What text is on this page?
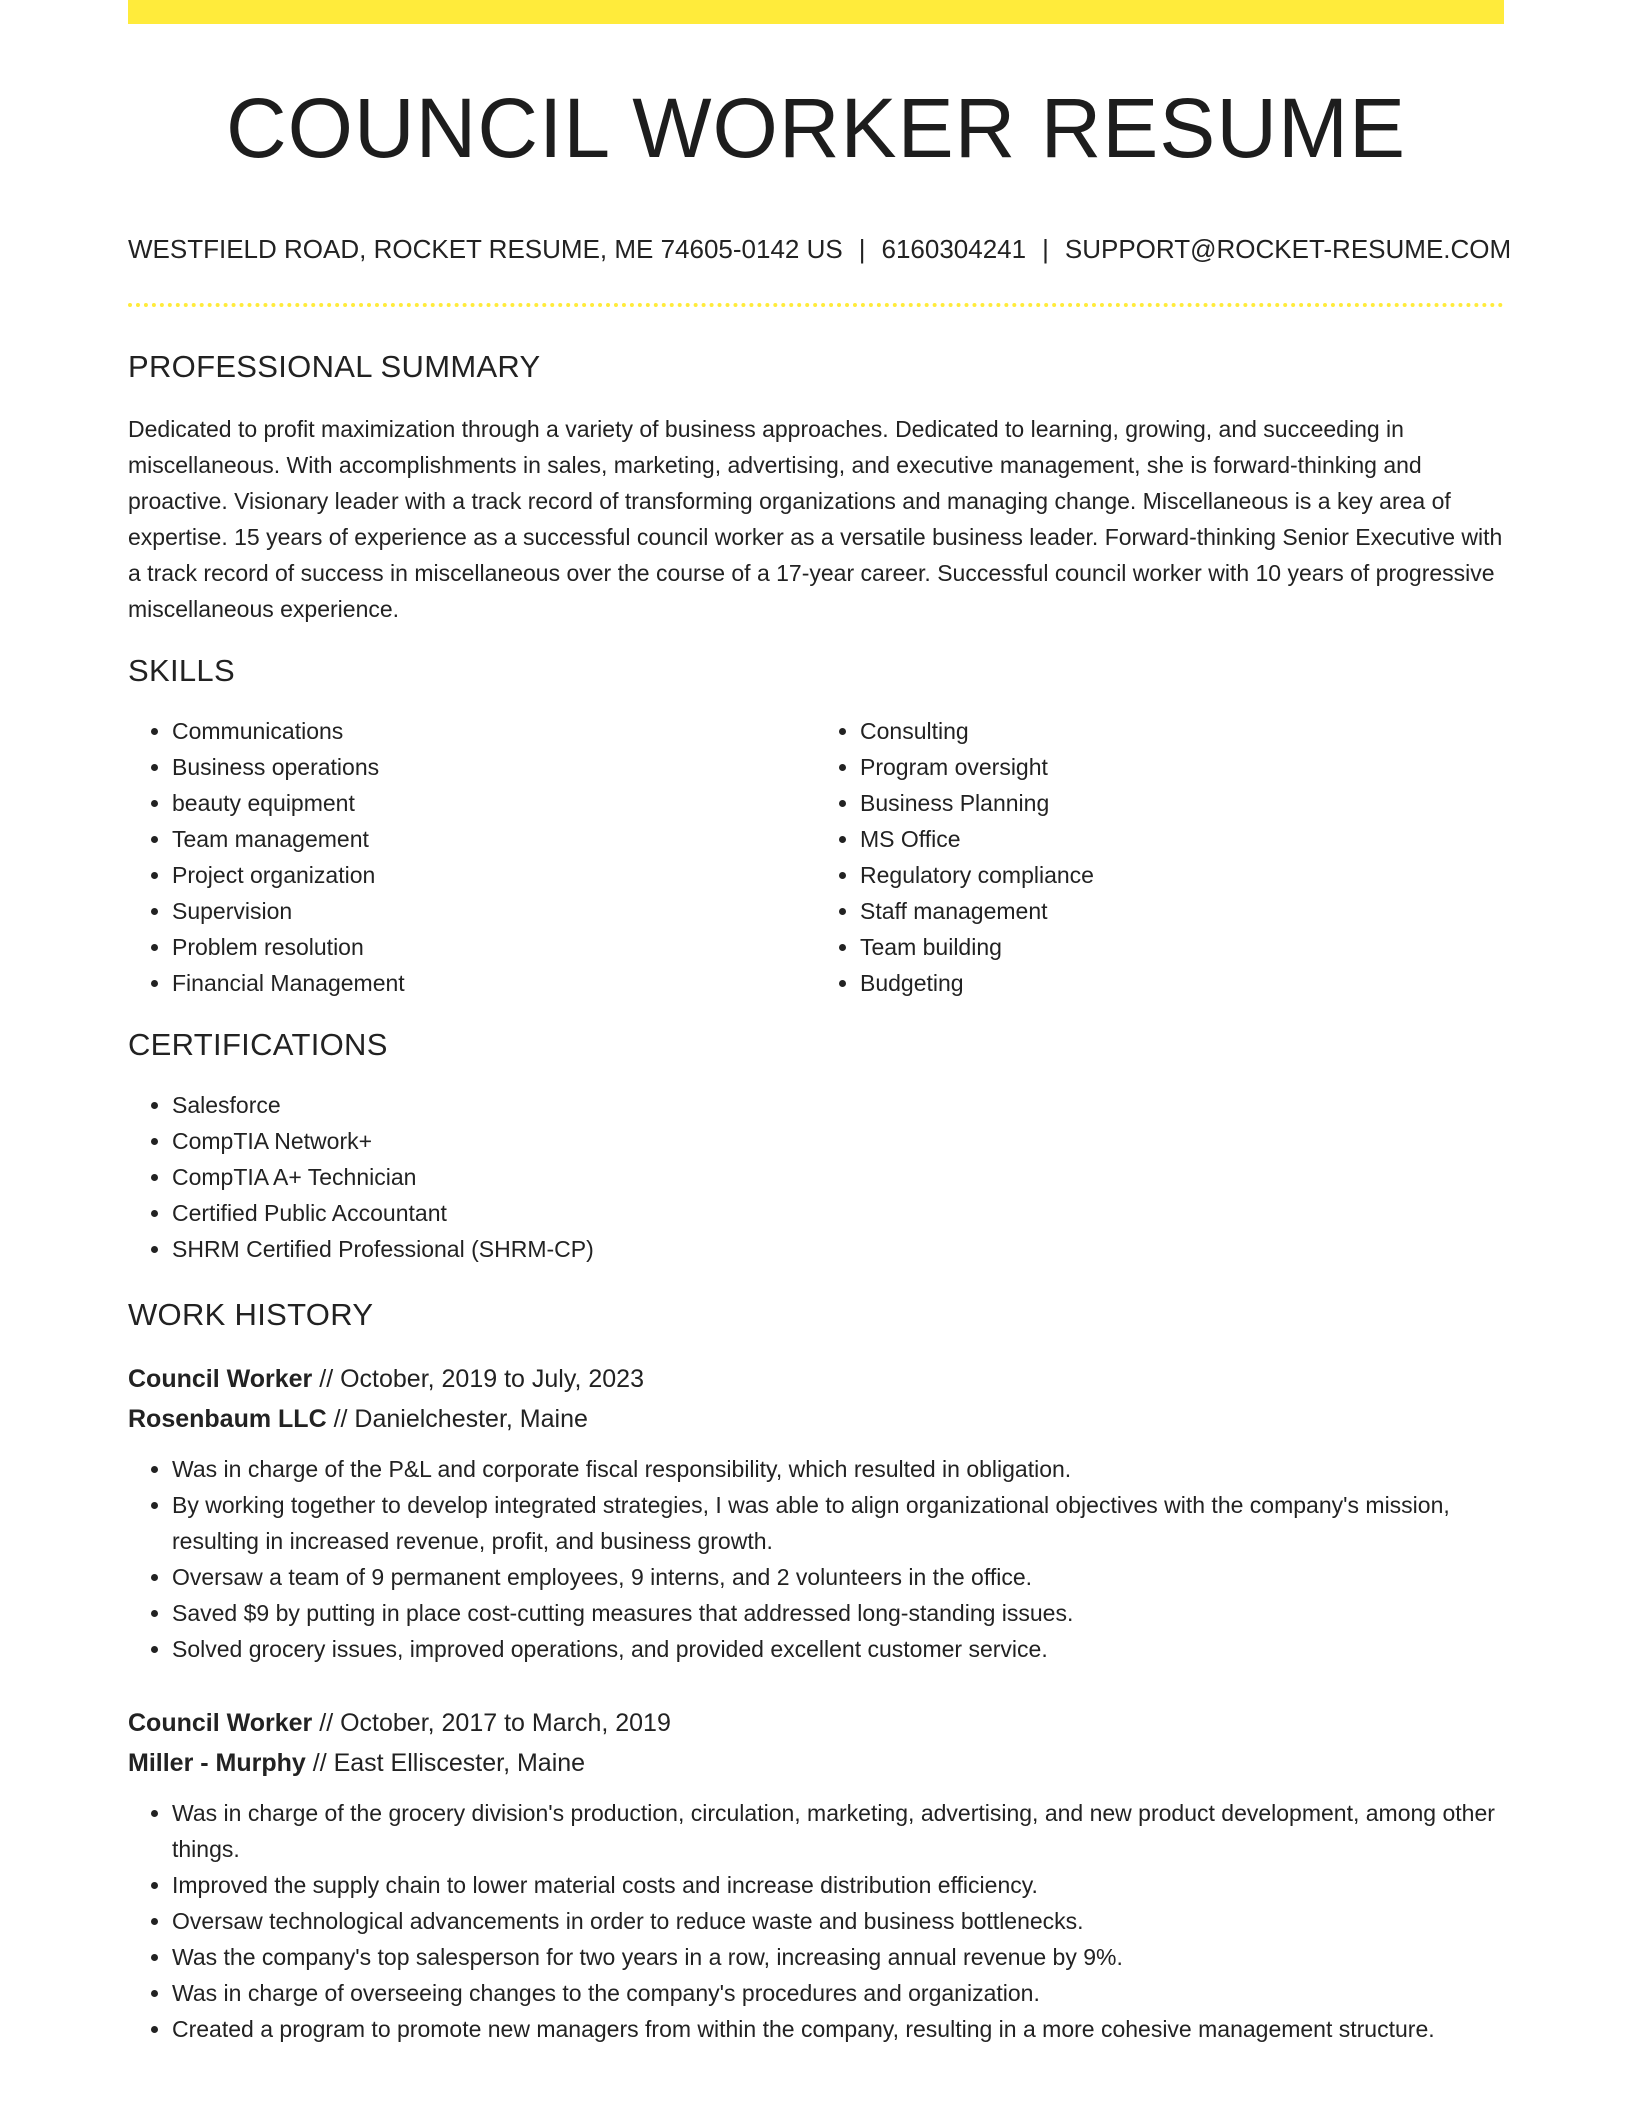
COUNCIL WORKER RESUME
WESTFIELD ROAD, ROCKET RESUME, ME 74605-0142 US | 6160304241 | SUPPORT@ROCKET-RESUME.COM
PROFESSIONAL SUMMARY
Dedicated to profit maximization through a variety of business approaches. Dedicated to learning, growing, and succeeding in miscellaneous. With accomplishments in sales, marketing, advertising, and executive management, she is forward-thinking and proactive. Visionary leader with a track record of transforming organizations and managing change. Miscellaneous is a key area of expertise. 15 years of experience as a successful council worker as a versatile business leader. Forward-thinking Senior Executive with a track record of success in miscellaneous over the course of a 17-year career. Successful council worker with 10 years of progressive miscellaneous experience.
SKILLS
• Communications
• Business operations
• beauty equipment
• Team management
• Project organization
• Supervision
• Problem resolution
• Financial Management
• Consulting
• Program oversight
• Business Planning
• MS Office
• Regulatory compliance
• Staff management
• Team building
• Budgeting
CERTIFICATIONS
• Salesforce
• CompTIA Network+
• CompTIA A+ Technician
• Certified Public Accountant
• SHRM Certified Professional (SHRM-CP)
WORK HISTORY
Council Worker // October, 2019 to July, 2023
Rosenbaum LLC // Danielchester, Maine
• Was in charge of the P&L and corporate fiscal responsibility, which resulted in obligation.
• By working together to develop integrated strategies, I was able to align organizational objectives with the company's mission, resulting in increased revenue, profit, and business growth.
• Oversaw a team of 9 permanent employees, 9 interns, and 2 volunteers in the office.
• Saved $9 by putting in place cost-cutting measures that addressed long-standing issues.
• Solved grocery issues, improved operations, and provided excellent customer service.
Council Worker // October, 2017 to March, 2019
Miller - Murphy // East Elliscester, Maine
• Was in charge of the grocery division's production, circulation, marketing, advertising, and new product development, among other things.
• Improved the supply chain to lower material costs and increase distribution efficiency.
• Oversaw technological advancements in order to reduce waste and business bottlenecks.
• Was the company's top salesperson for two years in a row, increasing annual revenue by 9%.
• Was in charge of overseeing changes to the company's procedures and organization.
• Created a program to promote new managers from within the company, resulting in a more cohesive management structure.
